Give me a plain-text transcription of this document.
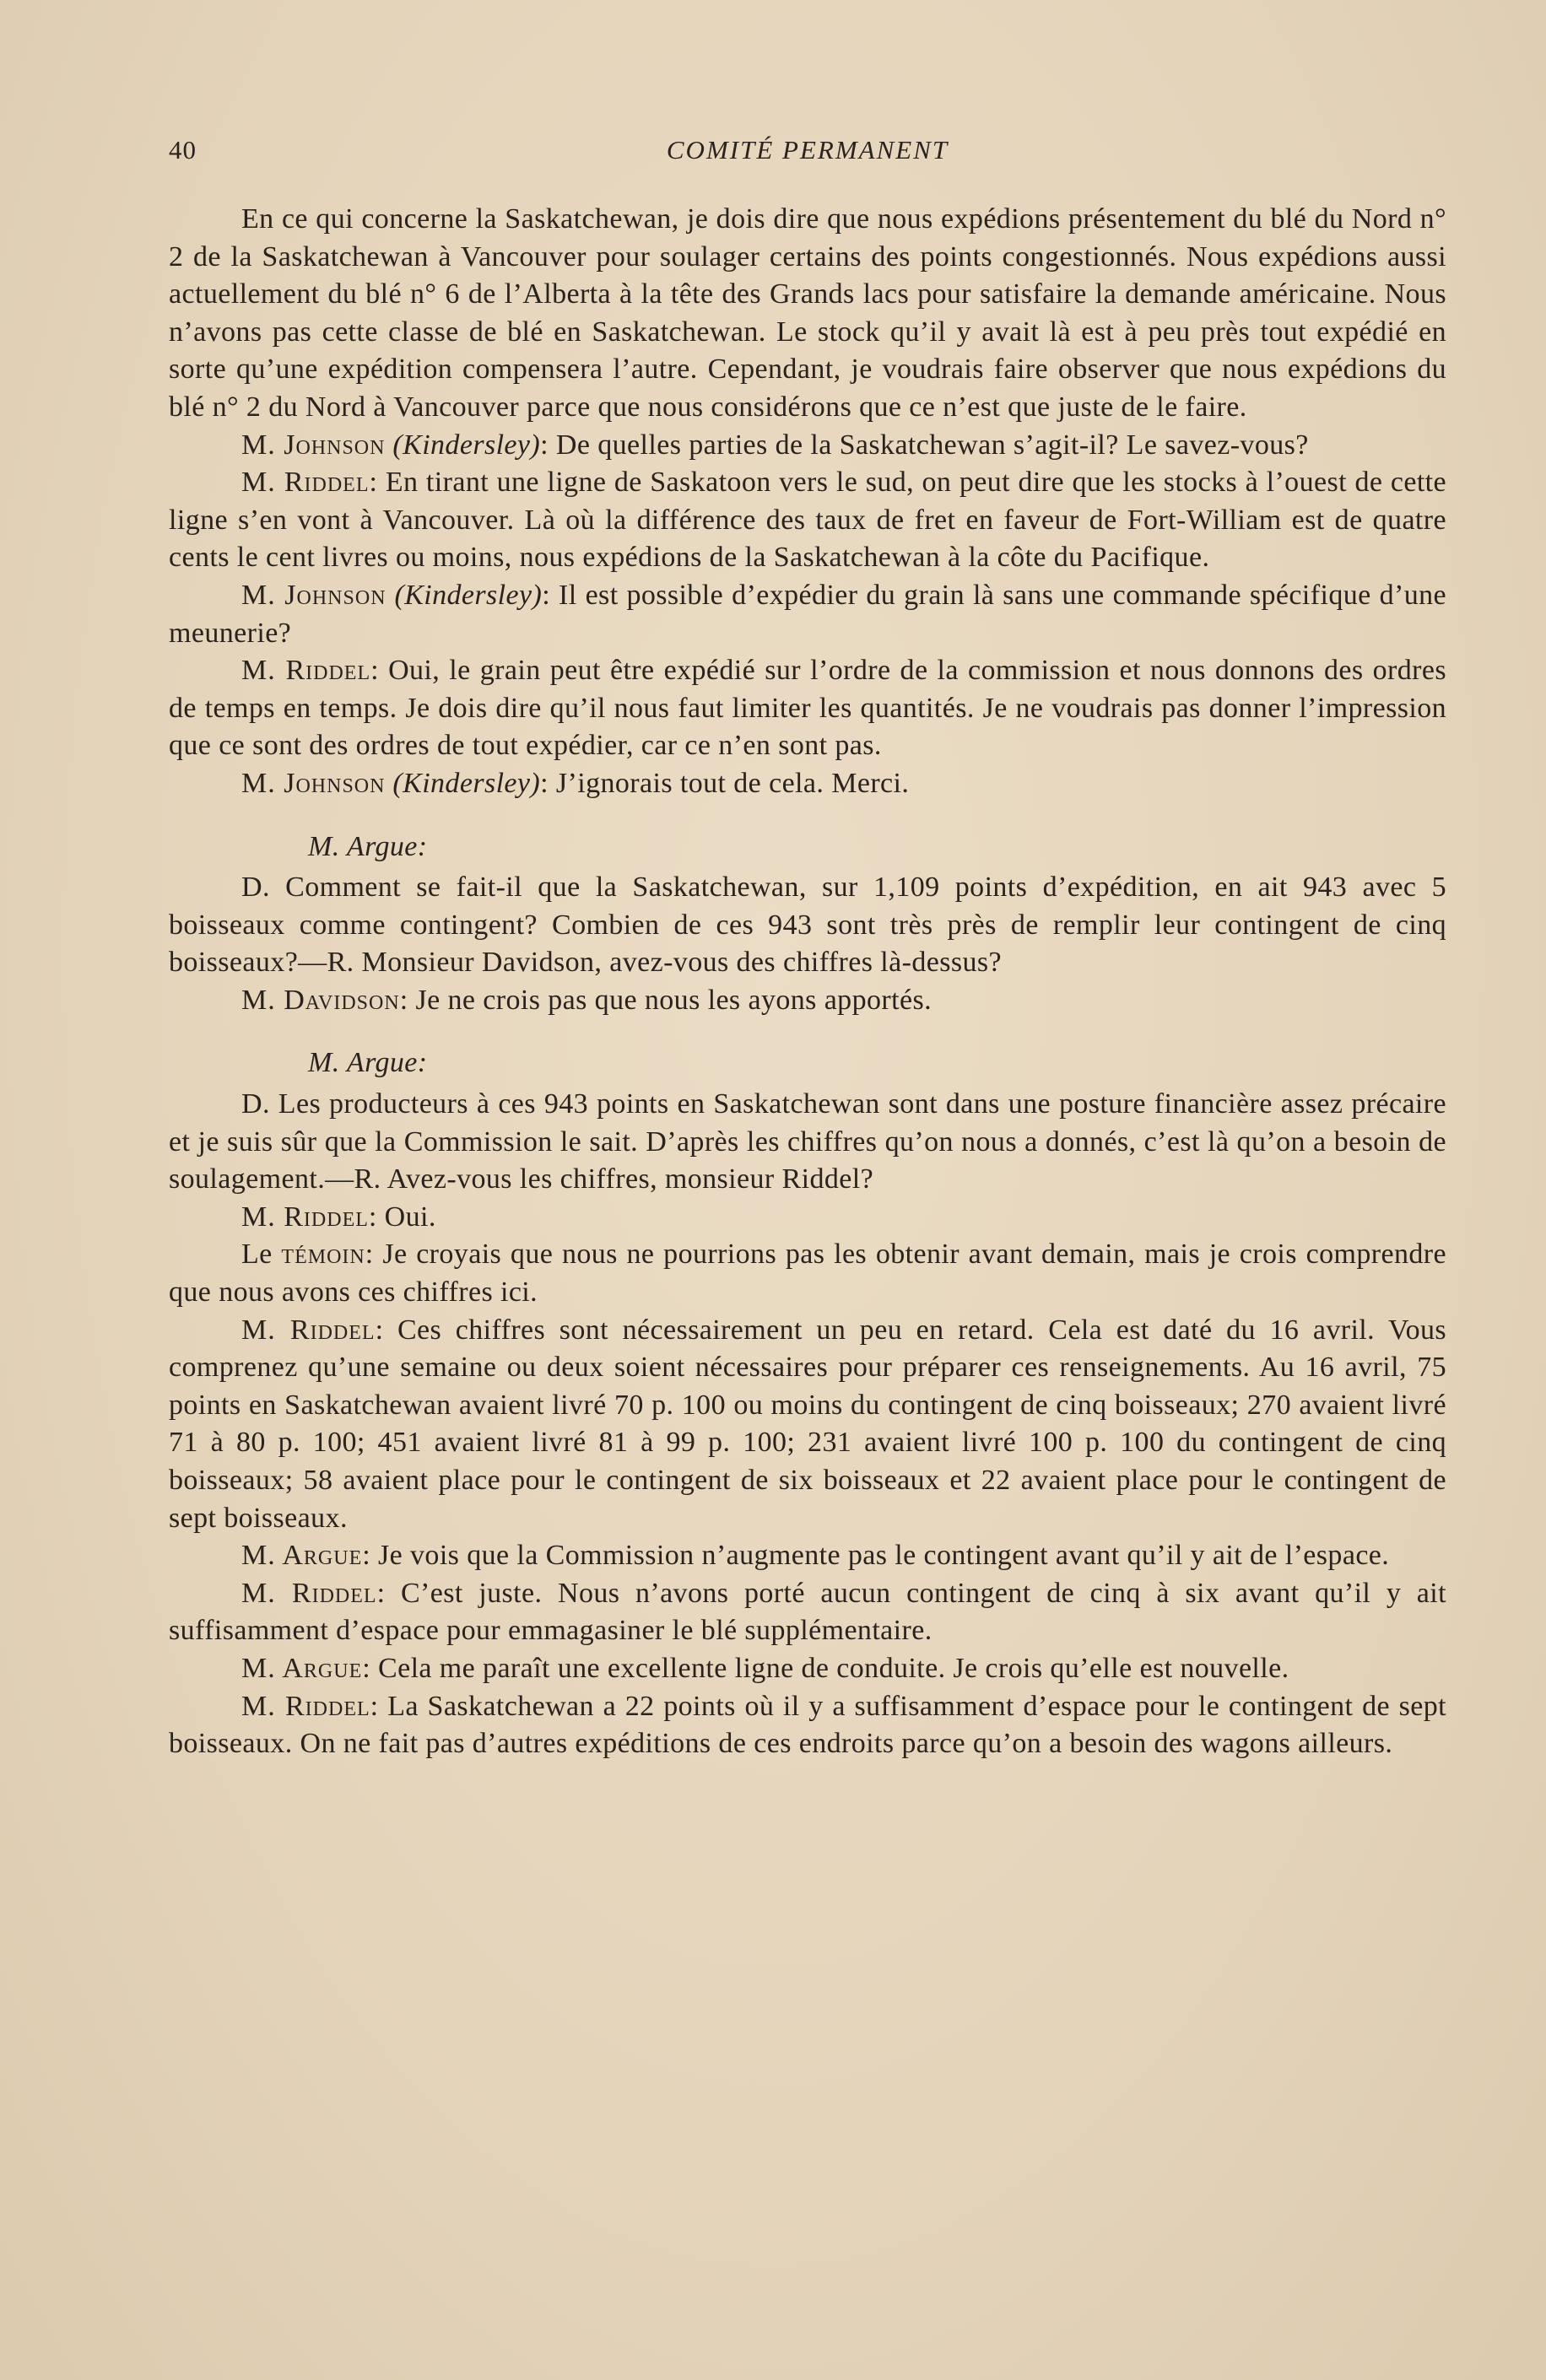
40	COMITÉ PERMANENT

En ce qui concerne la Saskatchewan, je dois dire que nous expédions présentement du blé du Nord n° 2 de la Saskatchewan à Vancouver pour soulager certains des points congestionnés. Nous expédions aussi actuellement du blé n° 6 de l’Alberta à la tête des Grands lacs pour satisfaire la demande américaine. Nous n’avons pas cette classe de blé en Saskatchewan. Le stock qu’il y avait là est à peu près tout expédié en sorte qu’une expédition compensera l’autre. Cependant, je voudrais faire observer que nous expédions du blé n° 2 du Nord à Vancouver parce que nous considérons que ce n’est que juste de le faire.

M. Johnson (Kindersley): De quelles parties de la Saskatchewan s’agit-il? Le savez-vous?

M. Riddel: En tirant une ligne de Saskatoon vers le sud, on peut dire que les stocks à l’ouest de cette ligne s’en vont à Vancouver. Là où la différence des taux de fret en faveur de Fort-William est de quatre cents le cent livres ou moins, nous expédions de la Saskatchewan à la côte du Pacifique.

M. Johnson (Kindersley): Il est possible d’expédier du grain là sans une commande spécifique d’une meunerie?

M. Riddel: Oui, le grain peut être expédié sur l’ordre de la commission et nous donnons des ordres de temps en temps. Je dois dire qu’il nous faut limiter les quantités. Je ne voudrais pas donner l’impression que ce sont des ordres de tout expédier, car ce n’en sont pas.

M. Johnson (Kindersley): J’ignorais tout de cela. Merci.

M. Argue:

D. Comment se fait-il que la Saskatchewan, sur 1,109 points d’expédition, en ait 943 avec 5 boisseaux comme contingent? Combien de ces 943 sont très près de remplir leur contingent de cinq boisseaux?—R. Monsieur Davidson, avez-vous des chiffres là-dessus?

M. Davidson: Je ne crois pas que nous les ayons apportés.

M. Argue:

D. Les producteurs à ces 943 points en Saskatchewan sont dans une posture financière assez précaire et je suis sûr que la Commission le sait. D’après les chiffres qu’on nous a donnés, c’est là qu’on a besoin de soulagement.—R. Avez-vous les chiffres, monsieur Riddel?

M. Riddel: Oui.

Le témoin: Je croyais que nous ne pourrions pas les obtenir avant demain, mais je crois comprendre que nous avons ces chiffres ici.

M. Riddel: Ces chiffres sont nécessairement un peu en retard. Cela est daté du 16 avril. Vous comprenez qu’une semaine ou deux soient nécessaires pour préparer ces renseignements. Au 16 avril, 75 points en Saskatchewan avaient livré 70 p. 100 ou moins du contingent de cinq boisseaux; 270 avaient livré 71 à 80 p. 100; 451 avaient livré 81 à 99 p. 100; 231 avaient livré 100 p. 100 du contingent de cinq boisseaux; 58 avaient place pour le contingent de six boisseaux et 22 avaient place pour le contingent de sept boisseaux.

M. Argue: Je vois que la Commission n’augmente pas le contingent avant qu’il y ait de l’espace.

M. Riddel: C’est juste. Nous n’avons porté aucun contingent de cinq à six avant qu’il y ait suffisamment d’espace pour emmagasiner le blé supplémentaire.

M. Argue: Cela me paraît une excellente ligne de conduite. Je crois qu’elle est nouvelle.

M. Riddel: La Saskatchewan a 22 points où il y a suffisamment d’espace pour le contingent de sept boisseaux. On ne fait pas d’autres expéditions de ces endroits parce qu’on a besoin des wagons ailleurs.
